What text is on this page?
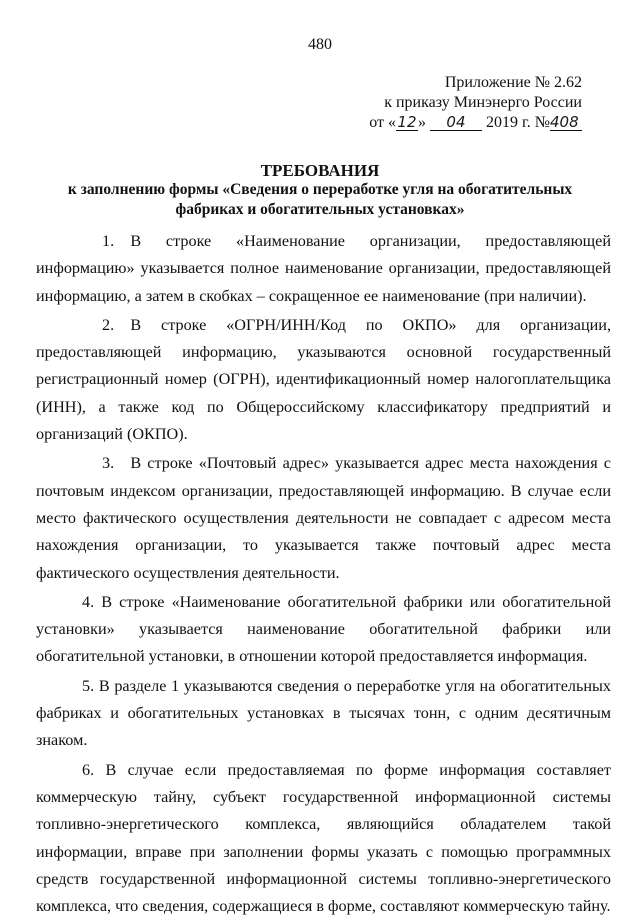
480
Приложение № 2.62
к приказу Минэнерго России
от «12» 04 2019 г. №408
ТРЕБОВАНИЯ
к заполнению формы «Сведения о переработке угля на обогатительных фабриках и обогатительных установках»

1. В строке «Наименование организации, предоставляющей информацию» указывается полное наименование организации, предоставляющей информацию, а затем в скобках – сокращенное ее наименование (при наличии).

2. В строке «ОГРН/ИНН/Код по ОКПО» для организации, предоставляющей информацию, указываются основной государственный регистрационный номер (ОГРН), идентификационный номер налогоплательщика (ИНН), а также код по Общероссийскому классификатору предприятий и организаций (ОКПО).

3. В строке «Почтовый адрес» указывается адрес места нахождения с почтовым индексом организации, предоставляющей информацию. В случае если место фактического осуществления деятельности не совпадает с адресом места нахождения организации, то указывается также почтовый адрес места фактического осуществления деятельности.

4. В строке «Наименование обогатительной фабрики или обогатительной установки» указывается наименование обогатительной фабрики или обогатительной установки, в отношении которой предоставляется информация.

5. В разделе 1 указываются сведения о переработке угля на обогатительных фабриках и обогатительных установках в тысячах тонн, с одним десятичным знаком.

6. В случае если предоставляемая по форме информация составляет коммерческую тайну, субъект государственной информационной системы топливно-энергетического комплекса, являющийся обладателем такой информации, вправе при заполнении формы указать с помощью программных средств государственной информационной системы топливно-энергетического комплекса, что сведения, содержащиеся в форме, составляют коммерческую тайну.
